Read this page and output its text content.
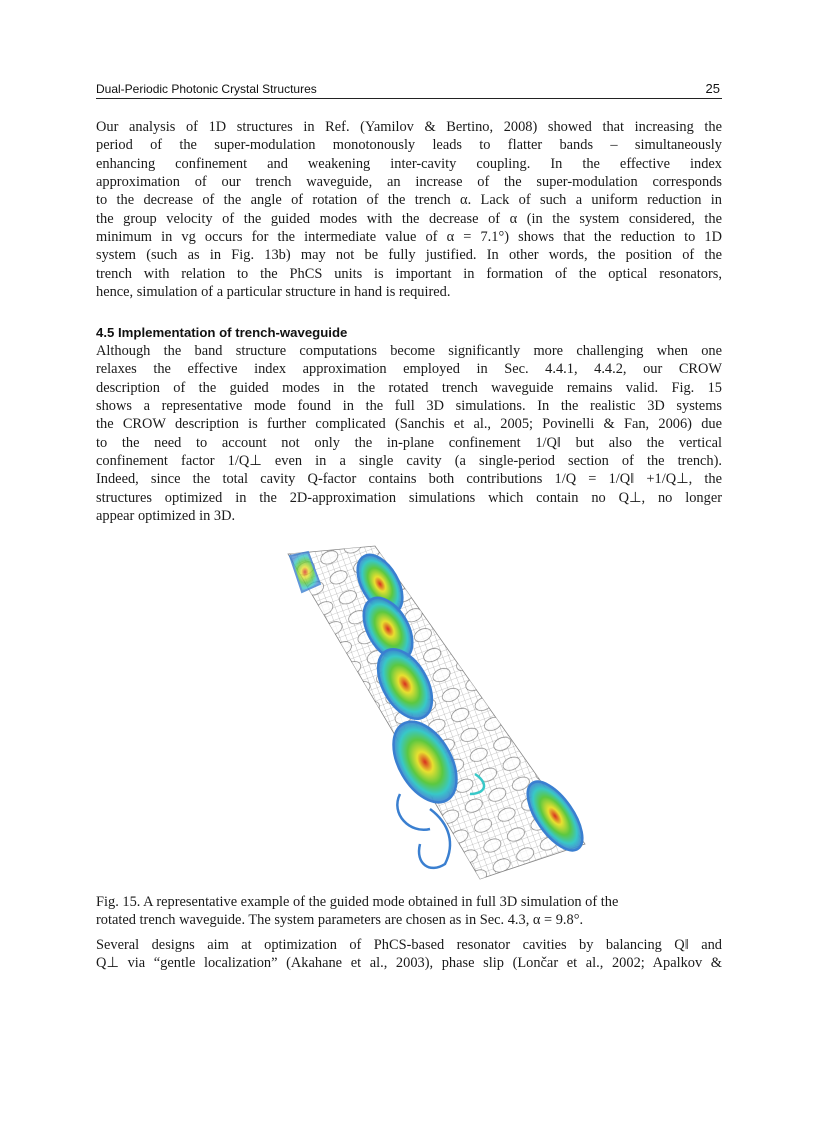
Dual-Periodic Photonic Crystal Structures	25
Our analysis of 1D structures in Ref. (Yamilov & Bertino, 2008) showed that increasing the
period of the super-modulation monotonously leads to flatter bands – simultaneously
enhancing confinement and weakening inter-cavity coupling. In the effective index
approximation of our trench waveguide, an increase of the super-modulation corresponds
to the decrease of the angle of rotation of the trench α. Lack of such a uniform reduction in
the group velocity of the guided modes with the decrease of α (in the system considered, the
minimum in vg occurs for the intermediate value of α = 7.1°) shows that the reduction to 1D
system (such as in Fig. 13b) may not be fully justified. In other words, the position of the
trench with relation to the PhCS units is important in formation of the optical resonators,
hence, simulation of a particular structure in hand is required.
4.5 Implementation of trench-waveguide
Although the band structure computations become significantly more challenging when one
relaxes the effective index approximation employed in Sec. 4.4.1, 4.4.2, our CROW
description of the guided modes in the rotated trench waveguide remains valid. Fig. 15
shows a representative mode found in the full 3D simulations. In the realistic 3D systems
the CROW description is further complicated (Sanchis et al., 2005; Povinelli & Fan, 2006) due
to the need to account not only the in-plane confinement 1/Q‖ but also the vertical
confinement factor 1/Q⊥ even in a single cavity (a single-period section of the trench).
Indeed, since the total cavity Q-factor contains both contributions 1/Q = 1/Q‖ +1/Q⊥, the
structures optimized in the 2D-approximation simulations which contain no Q⊥, no longer
appear optimized in 3D.
Fig. 15. A representative example of the guided mode obtained in full 3D simulation of the
rotated trench waveguide. The system parameters are chosen as in Sec. 4.3, α = 9.8°.
Several designs aim at optimization of PhCS-based resonator cavities by balancing Q‖ and
Q⊥ via “gentle localization” (Akahane et al., 2003), phase slip (Lončar et al., 2002; Apalkov &
